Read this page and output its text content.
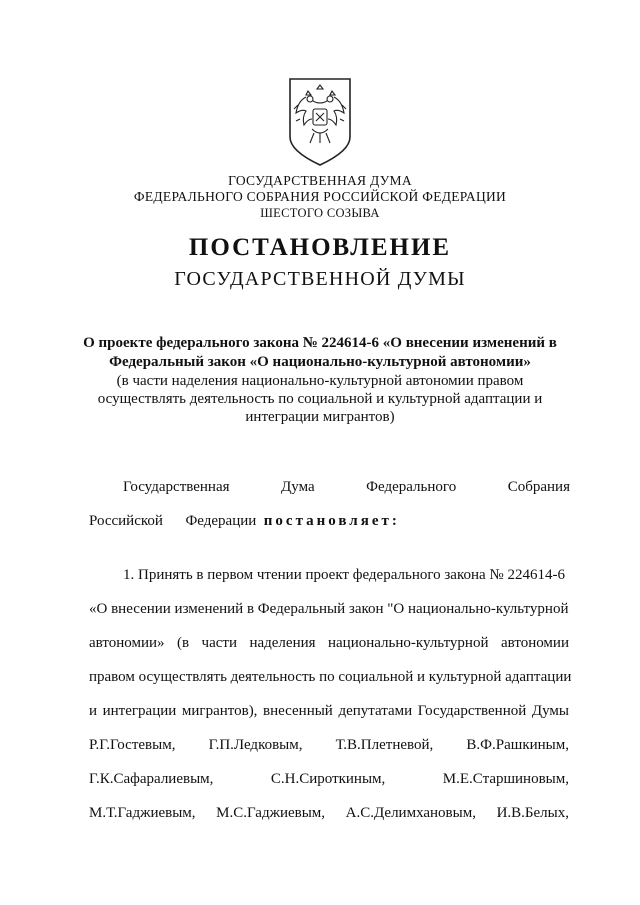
ГОСУДАРСТВЕННАЯ ДУМА
ФЕДЕРАЛЬНОГО СОБРАНИЯ РОССИЙСКОЙ ФЕДЕРАЦИИ
ШЕСТОГО СОЗЫВА
ПОСТАНОВЛЕНИЕ
ГОСУДАРСТВЕННОЙ ДУМЫ
О проекте федерального закона № 224614-6 «О внесении изменений в
Федеральный закон «О национально-культурной автономии»
(в части наделения национально-культурной автономии правом
осуществлять деятельность по социальной и культурной адаптации и
интеграции мигрантов)
Государственная	Дума	Федерального	Собрания
Российской Федерации постановляет:
1. Принять в первом чтении проект федерального закона № 224614-6
«О внесении изменений в Федеральный закон "О национально-культурной
автономии» (в части наделения национально-культурной автономии
правом осуществлять деятельность по социальной и культурной адаптации
и интеграции мигрантов), внесенный депутатами Государственной Думы
Р.Г.Гостевым, Г.П.Ледковым, Т.В.Плетневой, В.Ф.Рашкиным,
Г.К.Сафаралиевым,	С.Н.Сироткиным,	М.Е.Старшиновым,
М.Т.Гаджиевым, М.С.Гаджиевым, А.С.Делимхановым, И.В.Белых,
